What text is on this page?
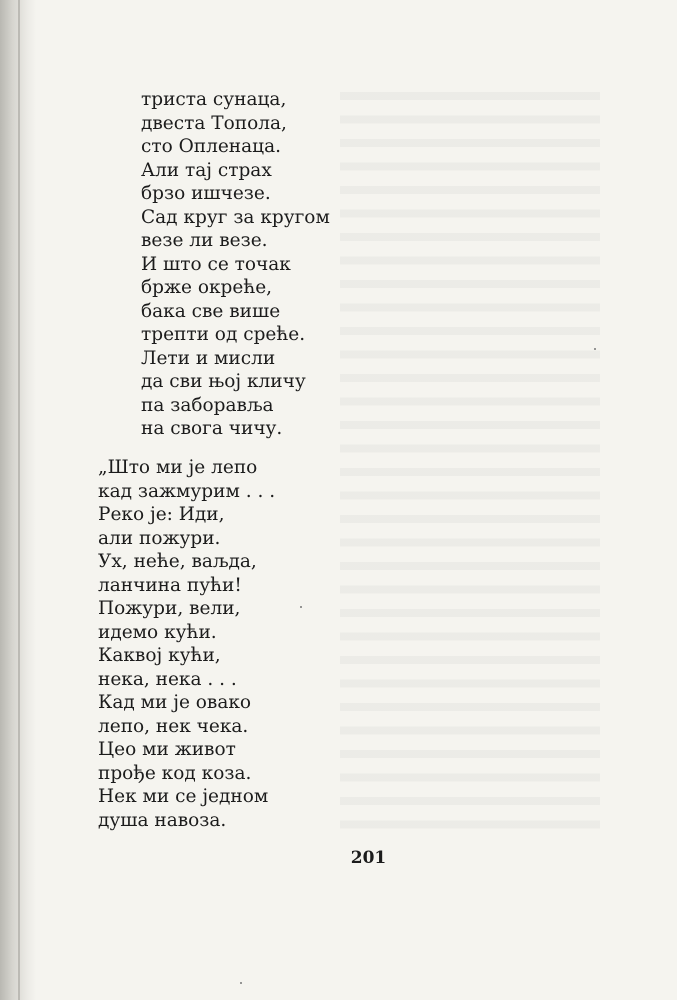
триста сунаца,
двеста Топола,
сто Опленаца.
Али тај страх
брзо ишчезе.
Сад круг за кругом
везе ли везе.
И што се точак
брже окреће,
бака све више
трепти од среће.
Лети и мисли
да сви њој кличу
па заборавља
на свога чичу.
„Што ми је лепо
кад зажмурим . . .
Реко је: Иди,
али пожури.
Ух, неће, ваљда,
ланчина пући!
Пожури, вели,
идемо кући.
Каквој кући,
нека, нека . . .
Кад ми је овако
лепо, нек чека.
Цео ми живот
прође код коза.
Нек ми се једном
душа навоза.
201
